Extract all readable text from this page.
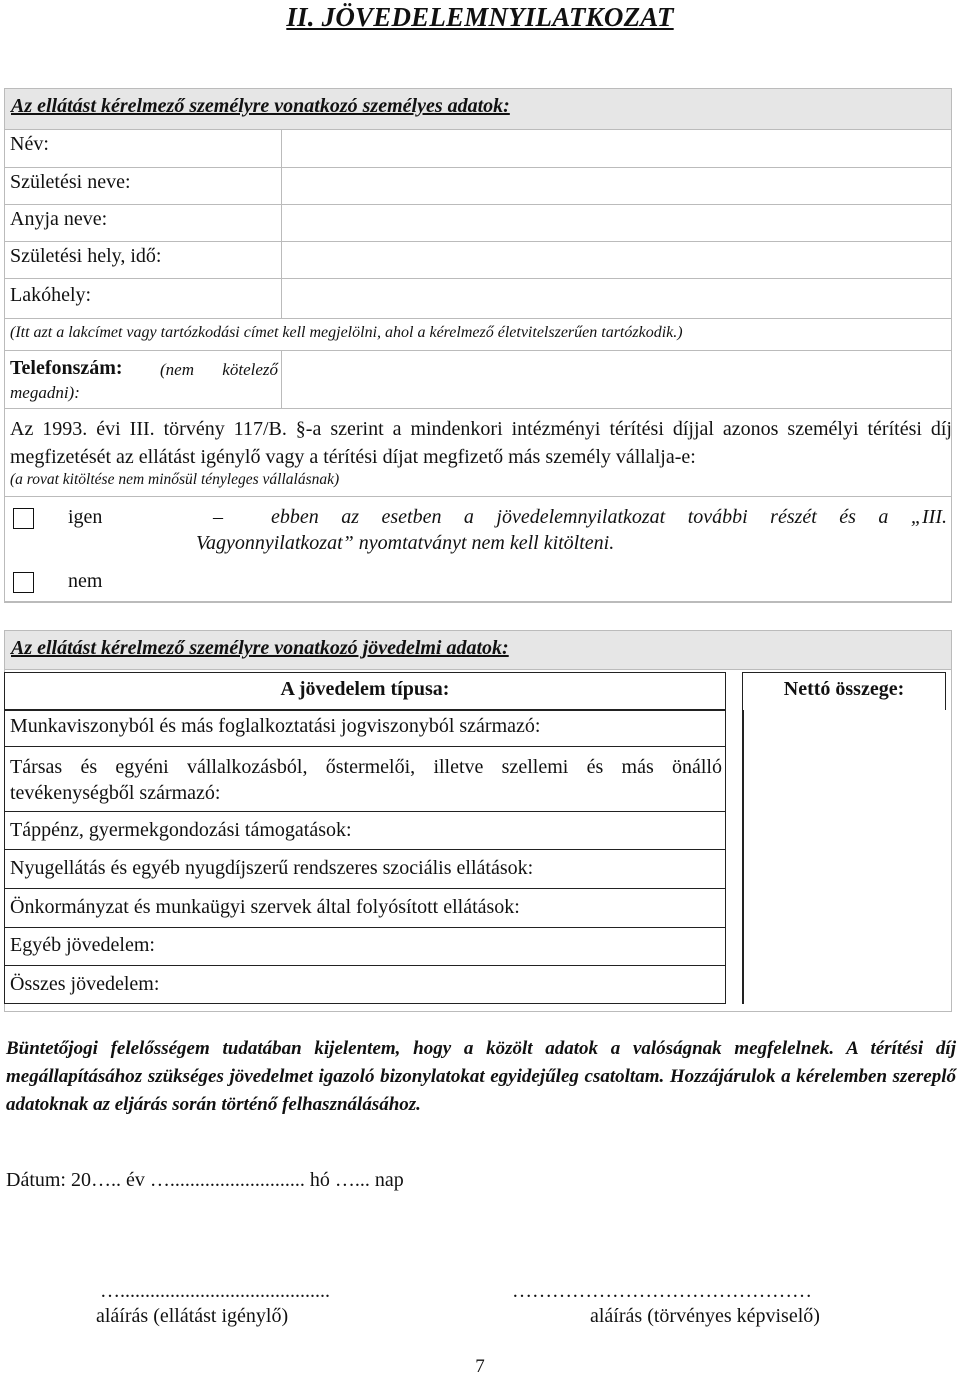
II. JÖVEDELEMNYILATKOZAT
Az ellátást kérelmező személyre vonatkozó személyes adatok:
Név:
Születési neve:
Anyja neve:
Születési hely, idő:
Lakóhely:
(Itt azt a lakcímet vagy tartózkodási címet kell megjelölni, ahol a kérelmező életvitelszerűen tartózkodik.)
Telefonszám: (nem kötelező
megadni):
Az 1993. évi III. törvény 117/B. §-a szerint a mindenkori intézményi térítési díjjal azonos személyi térítési díj megfizetését az ellátást igénylő vagy a térítési díjat megfizető más személy vállalja-e:
(a rovat kitöltése nem minősül tényleges vállalásnak)
igen	– ebben az esetben a jövedelemnyilatkozat további részét és a „III.
Vagyonnyilatkozat” nyomtatványt nem kell kitölteni.
nem
Az ellátást kérelmező személyre vonatkozó jövedelmi adatok:
A jövedelem típusa:	Nettó összege:
Munkaviszonyból és más foglalkoztatási jogviszonyból származó:
Társas és egyéni vállalkozásból, őstermelői, illetve szellemi és más önálló tevékenységből származó:
Táppénz, gyermekgondozási támogatások:
Nyugellátás és egyéb nyugdíjszerű rendszeres szociális ellátások:
Önkormányzat és munkaügyi szervek által folyósított ellátások:
Egyéb jövedelem:
Összes jövedelem:
Büntetőjogi felelősségem tudatában kijelentem, hogy a közölt adatok a valóságnak megfelelnek. A térítési díj megállapításához szükséges jövedelmet igazoló bizonylatokat egyidejűleg csatoltam. Hozzájárulok a kérelemben szereplő adatoknak az eljárás során történő felhasználásához.
Dátum: 20….. év …........................... hó …... nap
…..........................................
aláírás (ellátást igénylő)
………………………………………
aláírás (törvényes képviselő)
7
